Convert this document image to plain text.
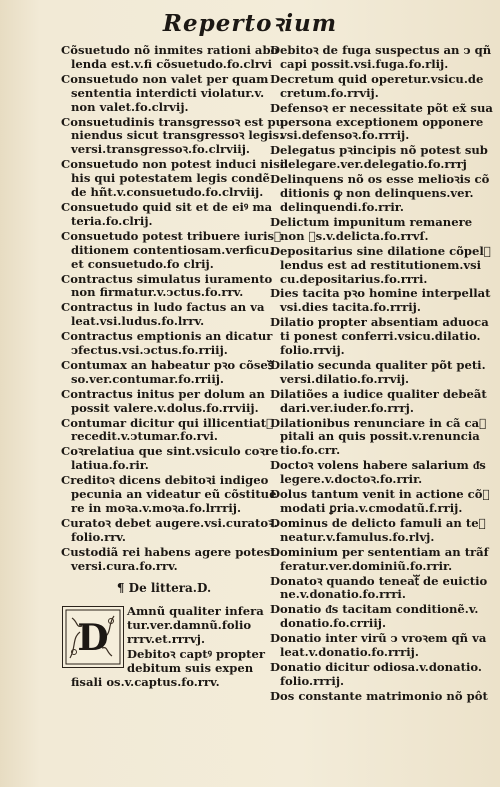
Repertoꝛium
Cõsuetudo nõ inmites rationi abo
lenda est.v.fi cõsuetudo.fo.clrvi
Consuetudo non valet per quam
sententia interdicti violatur.v.
non valet.fo.clrvij.
Consuetudinis transgressoꝛ est pu
niendus sicut transgressoꝛ legis.
versi.transgressoꝛ.fo.clrviij.
Consuetudo non potest induci nisi
his qui potestatem legis condẽ
de hñt.v.consuetudo.fo.clrviij.
Consuetudo quid sit et de eiꝰ ma
teria.fo.clrij.
Consuetudo potest tribuere iurisᷓ
ditionem contentiosam.verficu.
et consuetudo.fo clrij.
Contractus simulatus iuramento
non firmatur.v.ↄctus.fo.rrv.
Contractus in ludo factus an va
leat.vsi.ludus.fo.lrrv.
Contractus emptionis an dicatur
ↄfectus.vsi.ↄctus.fo.rriij.
Contumax an habeatur pꝛo cõsesᷓ
so.ver.contumar.fo.rriij.
Contractus initus per dolum an
possit valere.v.dolus.fo.rrviij.
Contumar dicitur qui illicentiatᷓ
recedit.v.ↄtumar.fo.rvi.
Coꝛrelatiua que sint.vsiculo coꝛre
latiua.fo.rir.
Creditoꝛ dicens debitoꝛi indigeo
pecunia an videatur eũ cõstitue
re in moꝛa.v.moꝛa.fo.lrrrij.
Curatoꝛ debet augere.vsi.curatoꝛ.
folio.rrv.
Custodiã rei habens agere potest.
versi.cura.fo.rrv.
¶ De littera.D.
D
Amnũ qualiter infera
tur.ver.damnũ.folio
rrrv.et.rrrvj.
Debitoꝛ captꝰ propter
debitum suis expen
fisali os.v.captus.fo.rrv.
Debitoꝛ de fuga suspectus an ↄ qñ
capi possit.vsi.fuga.fo.rlij.
Decretum quid operetur.vsicu.de
cretum.fo.rrvij.
Defensoꝛ er necessitate põt ex̃ sua
persona exceptionem opponere
vsi.defensoꝛ.fo.rrrij.
Delegatus pꝛincipis nõ potest sub
delegare.ver.delegatio.fo.rrrj
Delinquens nõ os esse melioꝛis cõ
ditionis ꝙ non delinquens.ver.
delinquendi.fo.rrir.
Delictum impunitum remanere
non ᷣs.v.delicta.fo.rrvſ.
Depositarius sine dilatione cõpelᷓ
lendus est ad restitutionem.vsi
cu.depositarius.fo.rrri.
Dies tacita pꝛo homine interpellat
vsi.dies tacita.fo.rrrij.
Dilatio propter absentiam aduoca
ti ponest conferri.vsicu.dilatio.
folio.rrvij.
Dilatio secunda qualiter põt peti.
versi.dilatio.fo.rrvij.
Dilatiões a iudice qualiter debeãt
dari.ver.iuder.fo.rrrj.
Dilationibus renunciare in cã caᷓ
pitali an quis possit.v.renuncia
tio.fo.crr.
Doctoꝛ volens habere salarium ᵭs
legere.v.doctoꝛ.fo.rrir.
Dolus tantum venit in actione cõᷓ
modati ꝑria.v.cmodatũ.f.rrij.
Dominus de delicto famuli an teᷓ
neatur.v.famulus.fo.rlvj.
Dominium per sententiam an trãf
feratur.ver.dominiũ.fo.rrir.
Donatoꝛ quando teneatᷓ de euictio
ne.v.donatio.fo.rrri.
Donatio ᵭs tacitam conditionẽ.v.
donatio.fo.crriij.
Donatio inter virũ ↄ vroꝛem qñ va
leat.v.donatio.fo.rrrij.
Donatio dicitur odiosa.v.donatio.
folio.rrrij.
Dos constante matrimonio nõ pôt
